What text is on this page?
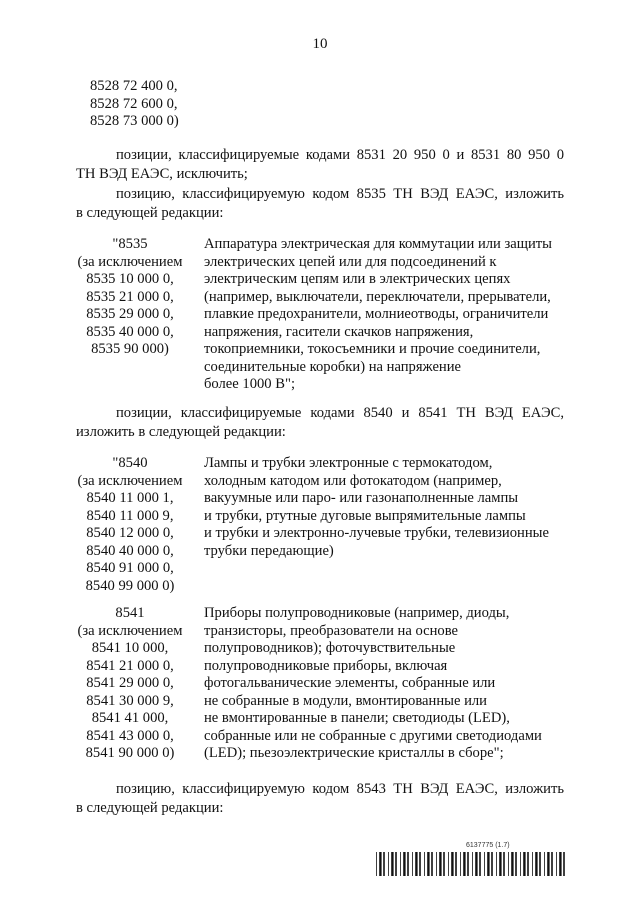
10
8528 72 400 0,
8528 72 600 0,
8528 73 000 0)
позиции, классифицируемые кодами 8531 20 950 0 и 8531 80 950 0
ТН ВЭД ЕАЭС, исключить;
позицию, классифицируемую кодом 8535 ТН ВЭД ЕАЭС, изложить
в следующей редакции:
"8535
(за исключением
8535 10 000 0,
8535 21 000 0,
8535 29 000 0,
8535 40 000 0,
8535 90 000)
Аппаратура электрическая для коммутации или защиты
электрических цепей или для подсоединений к
электрическим цепям или в электрических цепях
(например, выключатели, переключатели, прерыватели,
плавкие предохранители, молниеотводы, ограничители
напряжения, гасители скачков напряжения,
токоприемники, токосъемники и прочие соединители,
соединительные коробки) на напряжение
более 1000 В";
позиции, классифицируемые кодами 8540 и 8541 ТН ВЭД ЕАЭС,
изложить в следующей редакции:
"8540
(за исключением
8540 11 000 1,
8540 11 000 9,
8540 12 000 0,
8540 40 000 0,
8540 91 000 0,
8540 99 000 0)
Лампы и трубки электронные с термокатодом,
холодным катодом или фотокатодом (например,
вакуумные или паро- или газонаполненные лампы
и трубки, ртутные дуговые выпрямительные лампы
и трубки и электронно-лучевые трубки, телевизионные
трубки передающие)
8541
(за исключением
8541 10 000,
8541 21 000 0,
8541 29 000 0,
8541 30 000 9,
8541 41 000,
8541 43 000 0,
8541 90 000 0)
Приборы полупроводниковые (например, диоды,
транзисторы, преобразователи на основе
полупроводников); фоточувствительные
полупроводниковые приборы, включая
фотогальванические элементы, собранные или
не собранные в модули, вмонтированные или
не вмонтированные в панели; светодиоды (LED),
собранные или не собранные с другими светодиодами
(LED); пьезоэлектрические кристаллы в сборе";
позицию, классифицируемую кодом 8543 ТН ВЭД ЕАЭС, изложить
в следующей редакции:
6137775 (1.7)
